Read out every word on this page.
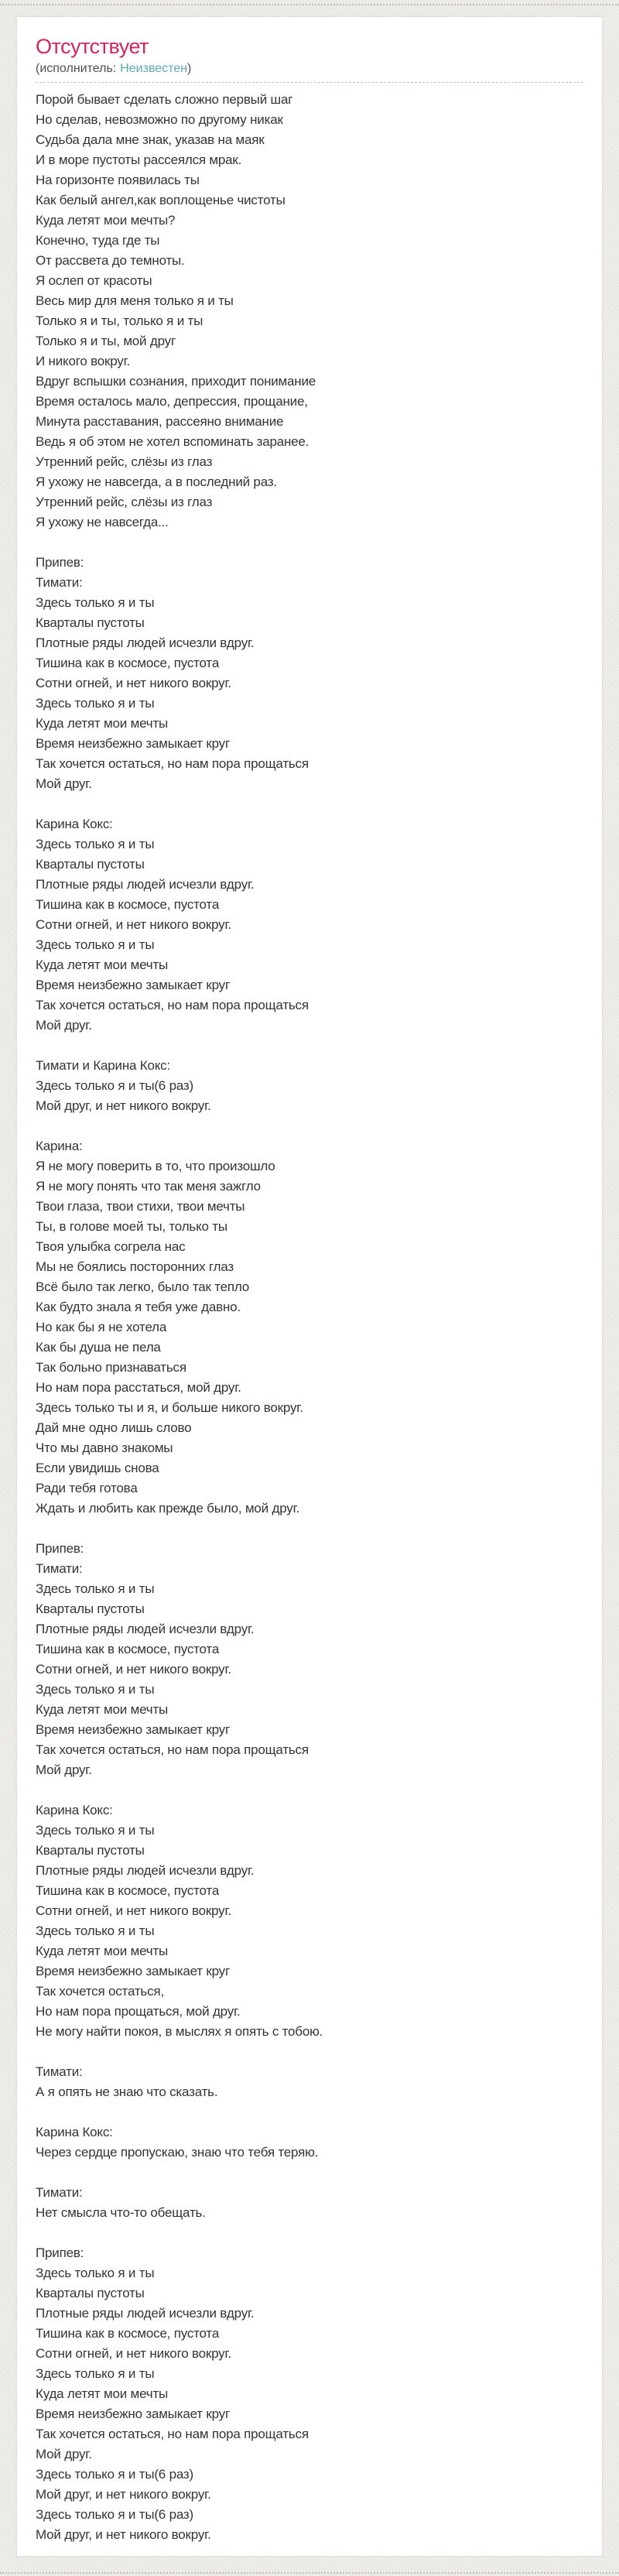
Отсутствует
(исполнитель: Неизвестен)
Порой бывает сделать сложно первый шаг
Но сделав, невозможно по другому никак
Судьба дала мне знак, указав на маяк
И в море пустоты рассеялся мрак.
На горизонте появилась ты
Как белый ангел,как воплощенье чистоты
Куда летят мои мечты?
Конечно, туда где ты
От рассвета до темноты.
Я ослеп от красоты
Весь мир для меня только я и ты
Только я и ты, только я и ты
Только я и ты, мой друг
И никого вокруг.
Вдруг вспышки сознания, приходит понимание
Время осталось мало, депрессия, прощание,
Минута расставания, рассеяно внимание
Ведь я об этом не хотел вспоминать заранее.
Утренний рейс, слёзы из глаз
Я ухожу не навсегда, а в последний раз.
Утренний рейс, слёзы из глаз
Я ухожу не навсегда...

Припев:
Тимати:
Здесь только я и ты
Кварталы пустоты
Плотные ряды людей исчезли вдруг.
Тишина как в космосе, пустота
Сотни огней, и нет никого вокруг.
Здесь только я и ты
Куда летят мои мечты
Время неизбежно замыкает круг
Так хочется остаться, но нам пора прощаться
Мой друг.

Карина Кокс:
Здесь только я и ты
Кварталы пустоты
Плотные ряды людей исчезли вдруг.
Тишина как в космосе, пустота
Сотни огней, и нет никого вокруг.
Здесь только я и ты
Куда летят мои мечты
Время неизбежно замыкает круг
Так хочется остаться, но нам пора прощаться
Мой друг.

Тимати и Карина Кокс:
Здесь только я и ты(6 раз)
Мой друг, и нет никого вокруг.

Карина:
Я не могу поверить в то, что произошло
Я не могу понять что так меня зажгло
Твои глаза, твои стихи, твои мечты
Ты, в голове моей ты, только ты
Твоя улыбка согрела нас
Мы не боялись посторонних глаз
Всё было так легко, было так тепло
Как будто знала я тебя уже давно.
Но как бы я не хотела
Как бы душа не пела
Так больно признаваться
Но нам пора расстаться, мой друг.
Здесь только ты и я, и больше никого вокруг.
Дай мне одно лишь слово
Что мы давно знакомы
Если увидишь снова
Ради тебя готова
Ждать и любить как прежде было, мой друг.

Припев:
Тимати:
Здесь только я и ты
Кварталы пустоты
Плотные ряды людей исчезли вдруг.
Тишина как в космосе, пустота
Сотни огней, и нет никого вокруг.
Здесь только я и ты
Куда летят мои мечты
Время неизбежно замыкает круг
Так хочется остаться, но нам пора прощаться
Мой друг.

Карина Кокс:
Здесь только я и ты
Кварталы пустоты
Плотные ряды людей исчезли вдруг.
Тишина как в космосе, пустота
Сотни огней, и нет никого вокруг.
Здесь только я и ты
Куда летят мои мечты
Время неизбежно замыкает круг
Так хочется остаться,
Но нам пора прощаться, мой друг.
Не могу найти покоя, в мыслях я опять с тобою.

Тимати:
А я опять не знаю что сказать.

Карина Кокс:
Через сердце пропускаю, знаю что тебя теряю.

Тимати:
Нет смысла что-то обещать.

Припев:
Здесь только я и ты
Кварталы пустоты
Плотные ряды людей исчезли вдруг.
Тишина как в космосе, пустота
Сотни огней, и нет никого вокруг.
Здесь только я и ты
Куда летят мои мечты
Время неизбежно замыкает круг
Так хочется остаться, но нам пора прощаться
Мой друг.
Здесь только я и ты(6 раз)
Мой друг, и нет никого вокруг.
Здесь только я и ты(6 раз)
Мой друг, и нет никого вокруг.
